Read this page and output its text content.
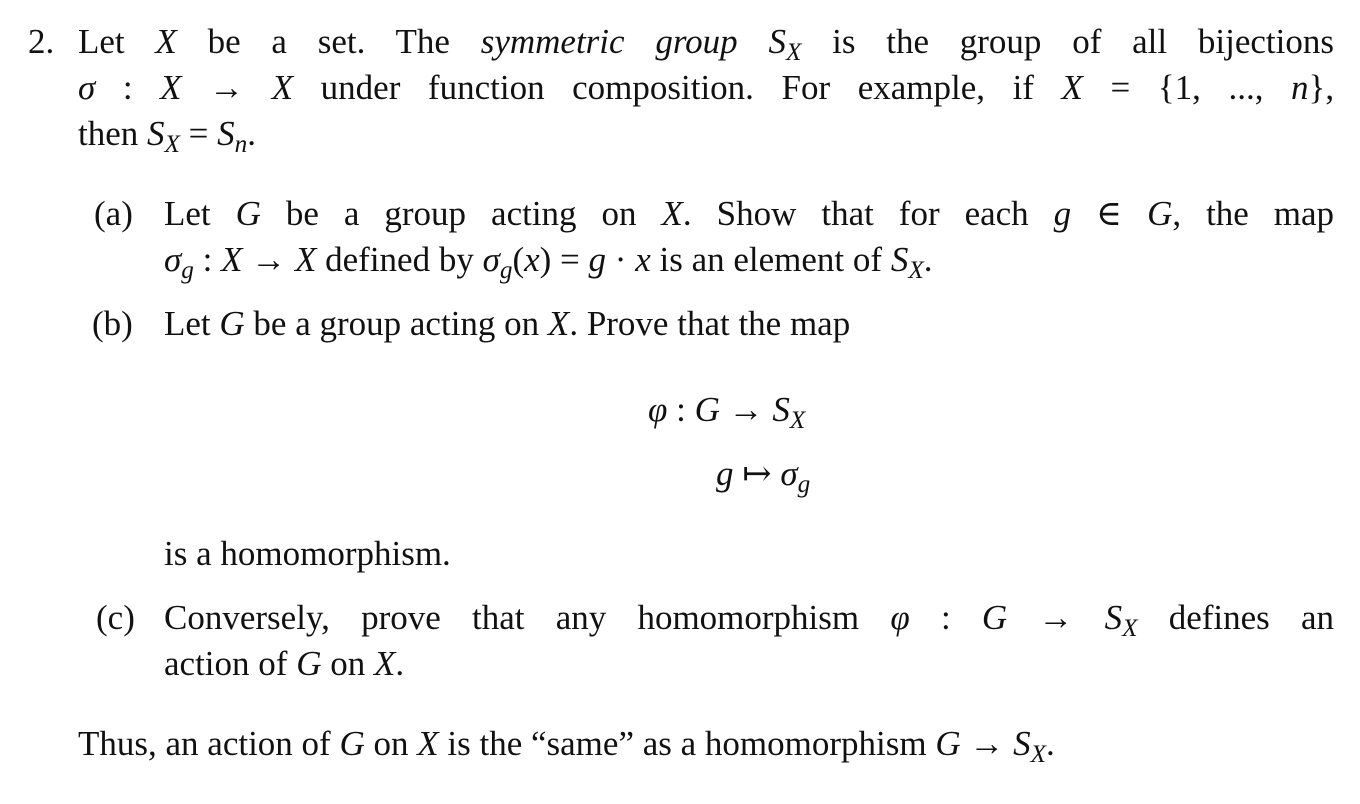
2. Let X be a set. The symmetric group $S_X$ is the group of all bijections
σ : X → X under function composition. For example, if X = {1, ..., n},
then $S_X = S_n$.
(a) Let G be a group acting on X. Show that for each g ∈ G, the map
$\sigma_g$ : X → X defined by $\sigma_g(x) = g \cdot x$ is an element of $S_X$.
(b) Let G be a group acting on X. Prove that the map
φ : $G \to S_X$
g ↦ $\sigma_g$
is a homomorphism.
(c) Conversely, prove that any homomorphism φ : $G \to S_X$ defines an
action of G on X.
Thus, an action of G on X is the “same” as a homomorphism $G \to S_X$.
